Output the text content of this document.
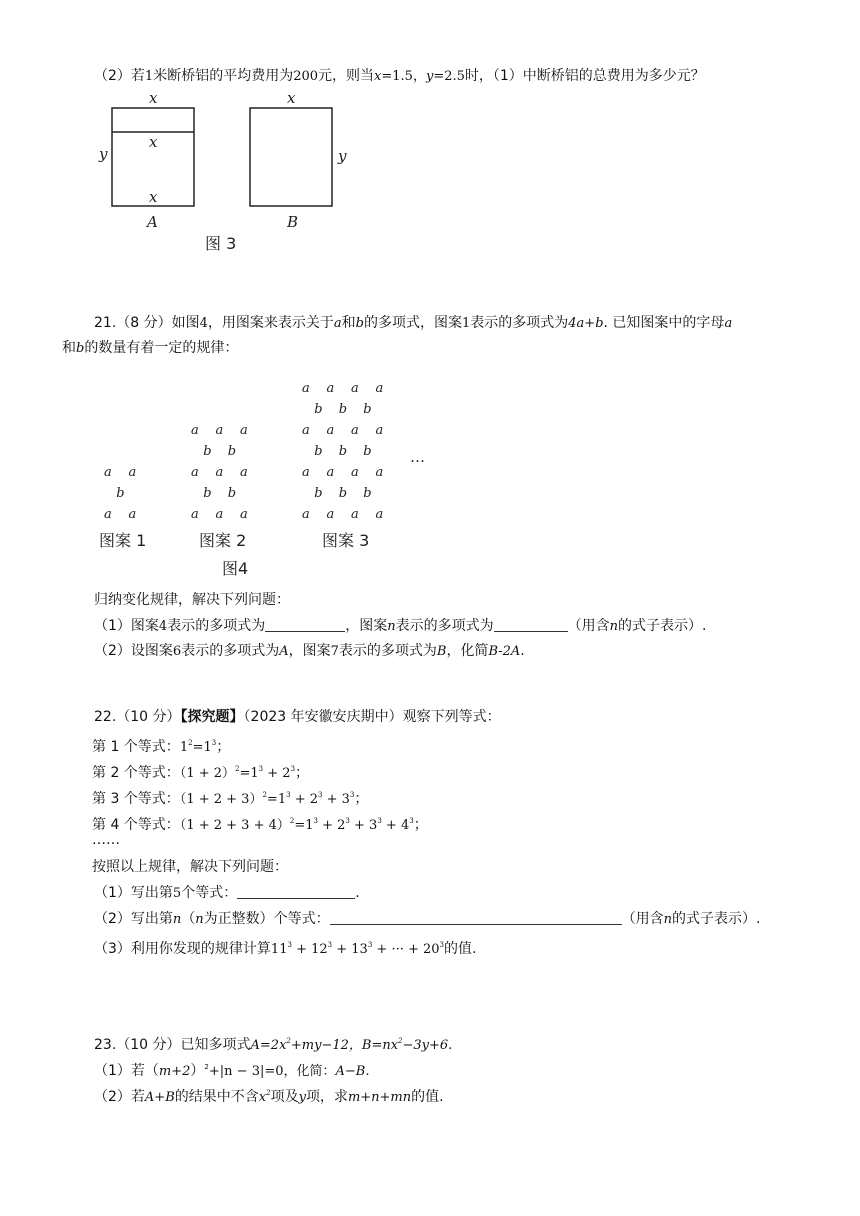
（2）若1米断桥铝的平均费用为200元，则当x=1.5，y=2.5时，（1）中断桥铝的总费用为多少元？
x
x
x
x
y	y
A	B
图 3
21.（8 分）如图4，用图案来表示关于a和b的多项式，图案1表示的多项式为4a+b. 已知图案中的字母a
和b的数量有着一定的规律：
a a
b
a a
a a a
b b
a a a
b b
a a a
a a a a
b b b
a a a a
b b b
a a a a
b b b
a a a a
…
图案 1	图案 2	图案 3
图4
归纳变化规律，解决下列问题：
（1）图案4表示的多项式为	，图案n表示的多项式为	（用含n的式子表示）.
（2）设图案6表示的多项式为A，图案7表示的多项式为B，化简B-2A.
22.（10 分）【探究题】（2023 年安徽安庆期中）观察下列等式：
第 1 个等式：$1^2=1^3$；
第 2 个等式：$(1 + 2)^2=1^3 + 2^3$；
第 3 个等式：$(1 + 2 + 3)^2=1^3 + 2^3 + 3^3$；
第 4 个等式：$(1 + 2 + 3 + 4)^2=1^3 + 2^3 + 3^3 + 4^3$；
……
按照以上规律，解决下列问题：
（1）写出第5个等式：	.
（2）写出第n（n为正整数）个等式：	（用含n的式子表示）.
（3）利用你发现的规律计算$11^3 + 12^3 + 13^3$ + ··· + $20^3$的值.
23.（10 分）已知多项式$A=2x^2+my-12$，$B=nx^2-3y+6$.
（1）若$(m+2)^2+|n - 3|=0$，化简：A−B.
（2）若A+B的结果中不含$x^2$项及y项，求m+n+mn的值.
